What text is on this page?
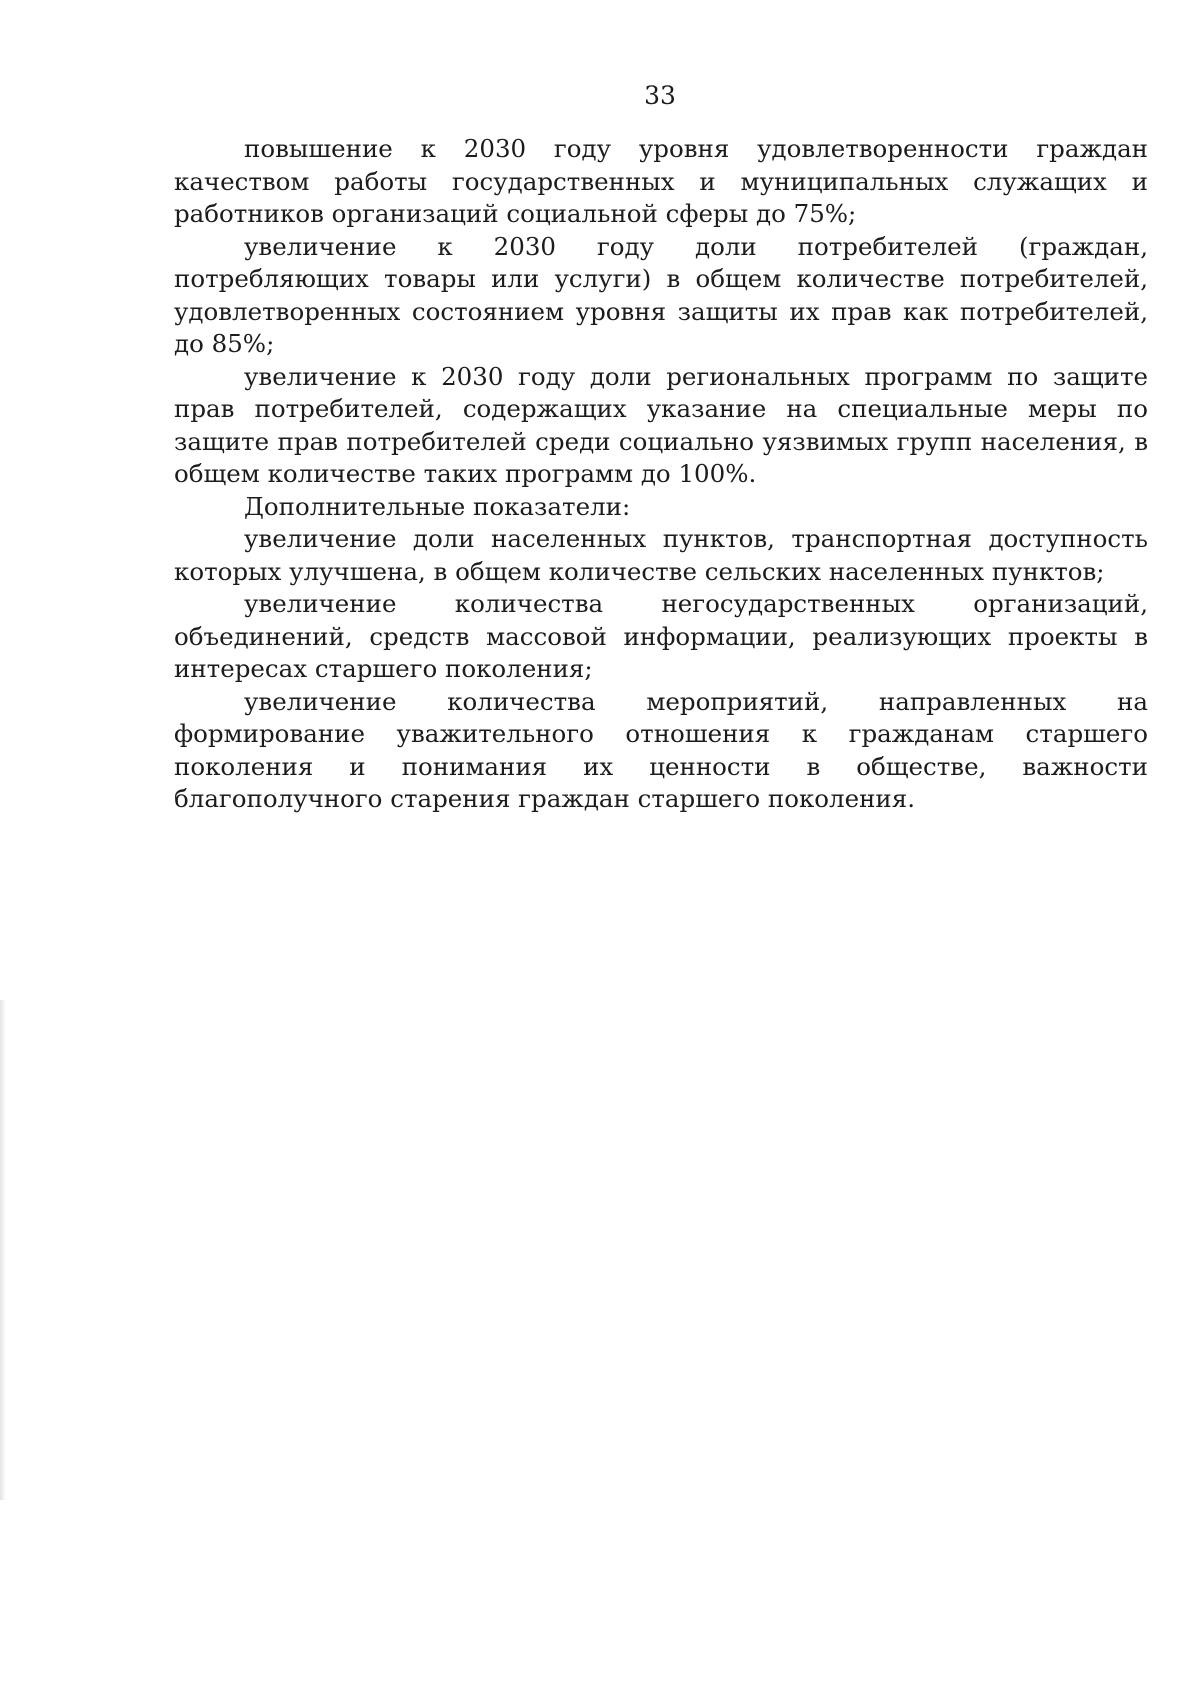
33

повышение к 2030 году уровня удовлетворенности граждан качеством работы государственных и муниципальных служащих и работников организаций социальной сферы до 75%;

увеличение к 2030 году доли потребителей (граждан, потребляющих товары или услуги) в общем количестве потребителей, удовлетворенных состоянием уровня защиты их прав как потребителей, до 85%;

увеличение к 2030 году доли региональных программ по защите прав потребителей, содержащих указание на специальные меры по защите прав потребителей среди социально уязвимых групп населения, в общем количестве таких программ до 100%.

Дополнительные показатели:

увеличение доли населенных пунктов, транспортная доступность которых улучшена, в общем количестве сельских населенных пунктов;

увеличение количества негосударственных организаций, объединений, средств массовой информации, реализующих проекты в интересах старшего поколения;

увеличение количества мероприятий, направленных на формирование уважительного отношения к гражданам старшего поколения и понимания их ценности в обществе, важности благополучного старения граждан старшего поколения.
